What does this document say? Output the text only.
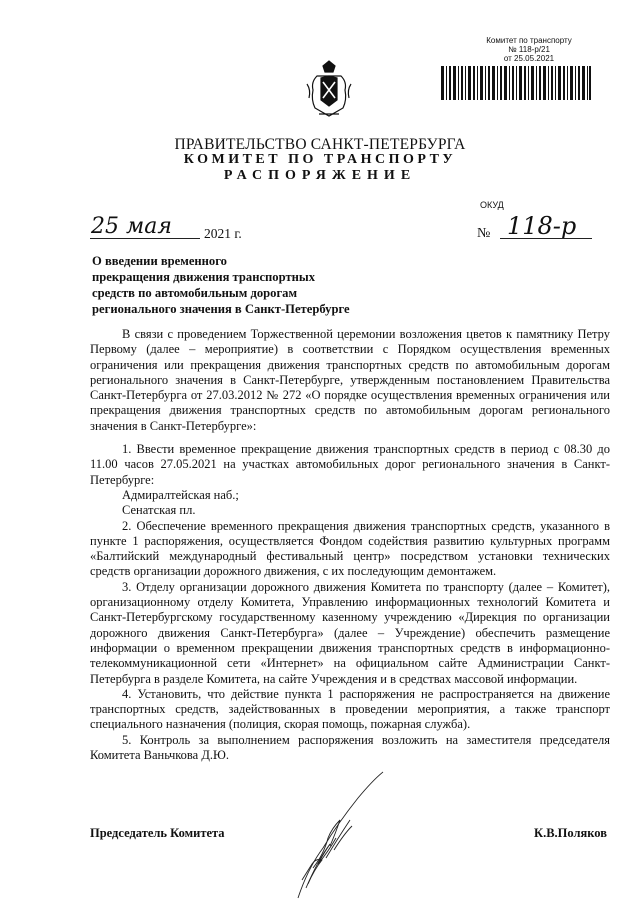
Комитет по транспорту
№ 118-р/21
от 25.05.2021
ПРАВИТЕЛЬСТВО САНКТ-ПЕТЕРБУРГА
КОМИТЕТ ПО ТРАНСПОРТУ
РАСПОРЯЖЕНИЕ
ОКУД
25 мая 2021 г.	№ 118-р
О введении временного
прекращения движения транспортных
средств по автомобильным дорогам
регионального значения в Санкт-Петербурге

В связи с проведением Торжественной церемонии возложения цветов к памятнику Петру Первому (далее – мероприятие) в соответствии с Порядком осуществления временных ограничения или прекращения движения транспортных средств по автомобильным дорогам регионального значения в Санкт-Петербурге, утвержденным постановлением Правительства Санкт-Петербурга от 27.03.2012 № 272 «О порядке осуществления временных ограничения или прекращения движения транспортных средств по автомобильным дорогам регионального значения в Санкт-Петербурге»:

1. Ввести временное прекращение движения транспортных средств в период с 08.30 до 11.00 часов 27.05.2021 на участках автомобильных дорог регионального значения в Санкт-Петербурге:

Адмиралтейская наб.;

Сенатская пл.

2. Обеспечение временного прекращения движения транспортных средств, указанного в пункте 1 распоряжения, осуществляется Фондом содействия развитию культурных программ «Балтийский международный фестивальный центр» посредством установки технических средств организации дорожного движения, с их последующим демонтажем.

3. Отделу организации дорожного движения Комитета по транспорту (далее – Комитет), организационному отделу Комитета, Управлению информационных технологий Комитета и Санкт-Петербургскому государственному казенному учреждению «Дирекция по организации дорожного движения Санкт-Петербурга» (далее – Учреждение) обеспечить размещение информации о временном прекращении движения транспортных средств в информационно-телекоммуникационной сети «Интернет» на официальном сайте Администрации Санкт-Петербурга в разделе Комитета, на сайте Учреждения и в средствах массовой информации.

4. Установить, что действие пункта 1 распоряжения не распространяется на движение транспортных средств, задействованных в проведении мероприятия, а также транспорт специального назначения (полиция, скорая помощь, пожарная служба).

5. Контроль за выполнением распоряжения возложить на заместителя председателя Комитета Ваньчкова Д.Ю.

Председатель Комитета	К.В.Поляков
